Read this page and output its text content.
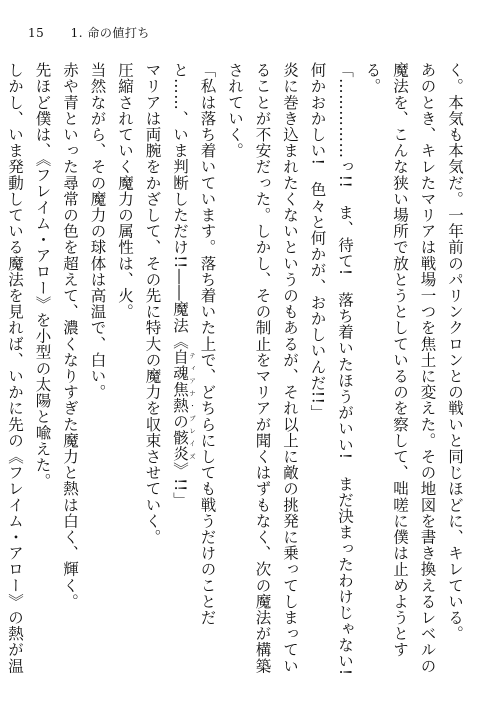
15 1. 命の値打ち

く。本気も本気だ。一年前のパリンクロンとの戦いと同じほどに、キレている。

あのとき、キレたマリアは戦場一つを焦土に変えた。その地図を書き換えるレベルの魔法を、こんな狭い場所で放とうとしているのを察して、咄嗟に僕は止めようとする。

「……………っ!!　ま、待て!　落ち着いたほうがいい!　まだ決まったわけじゃない!　何かおかしい!　色々と何かが、おかしいんだ!!」

炎に巻き込まれたくないというのもあるが、それ以上に敵の挑発に乗ってしまっていることが不安だった。しかし、その制止をマリアが聞くはずもなく、次の魔法が構築されていく。

「私は落ち着いています。落ち着いた上で、どちらにしても戦うだけのことだと……、いま判断しただけ!!――魔法《自魂焦熱の骸炎 ティアナ・ブレイズ》!!」

マリアは両腕をかざして、その先に特大の魔力を収束させていく。

圧縮されていく魔力の属性は、火。

当然ながら、その魔力の球体は高温で、白い。

赤や青といった尋常の色を超えて、濃くなりすぎた魔力と熱は白く、輝く。

先ほど僕は、《フレイム・アロー》を小型の太陽と喩えた。

しかし、いま発動している魔法を見れば、いかに先の《フレイム・アロー》の熱が温
